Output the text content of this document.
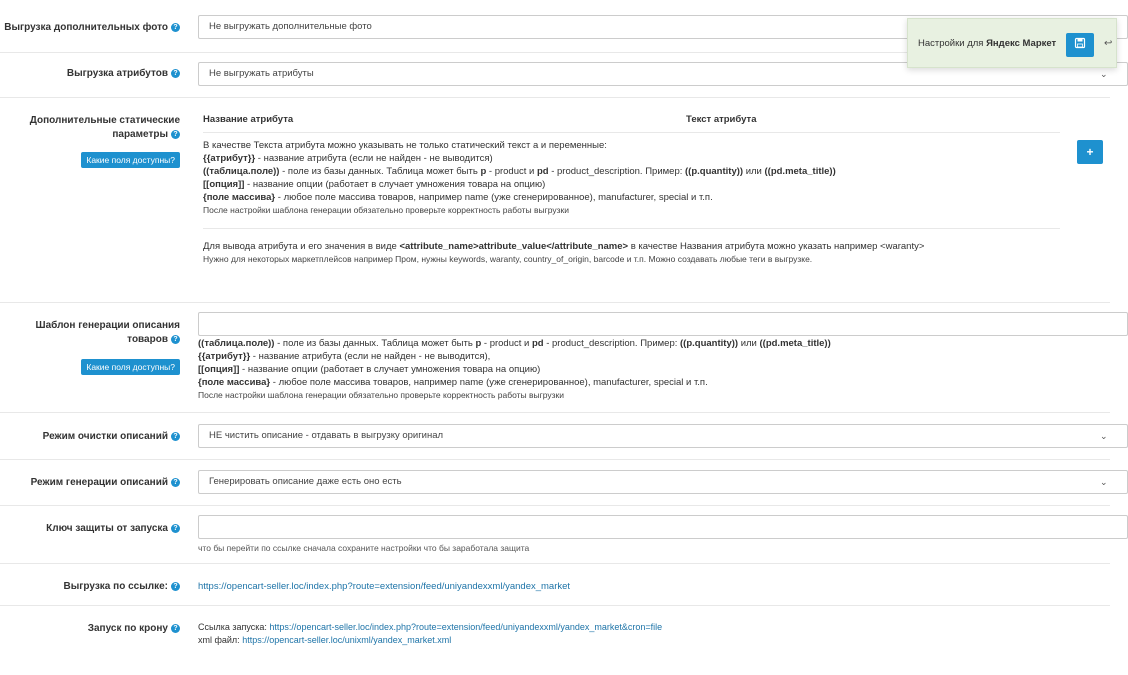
Выгрузка дополнительных фото ?	Не выгружать дополнительные фото
Выгрузка атрибутов ?	Не выгружать атрибуты	⌄
Дополнительные статические
параметры ?
Какие поля доступны?
Название атрибута	Текст атрибута
В качестве Текста атрибута можно указывать не только статический текст а и переменные:
{{атрибут}} - название атрибута (если не найден - не выводится)
((таблица.поле)) - поле из базы данных. Таблица может быть p - product и pd - product_description. Пример: ((p.quantity)) или ((pd.meta_title))
[[опция]] - название опции (работает в случает умножения товара на опцию)
{поле массива} - любое поле массива товаров, например name (уже сгенерированное), manufacturer, special и т.п.
После настройки шаблона генерации обязательно проверьте корректность работы выгрузки
Для вывода атрибута и его значения в виде <attribute_name>attribute_value</attribute_name> в качестве Названия атрибута можно указать например <waranty>
Нужно для некоторых маркетплейсов например Пром, нужны keywords, waranty, country_of_origin, barcode и т.п. Можно создавать любые теги в выгрузке.
+
Шаблон генерации описания
товаров ?
Какие поля доступны?
((таблица.поле)) - поле из базы данных. Таблица может быть p - product и pd - product_description. Пример: ((p.quantity)) или ((pd.meta_title))
{{атрибут}} - название атрибута (если не найден - не выводится),
[[опция]] - название опции (работает в случает умножения товара на опцию)
{поле массива} - любое поле массива товаров, например name (уже сгенерированное), manufacturer, special и т.п.
После настройки шаблона генерации обязательно проверьте корректность работы выгрузки
Режим очистки описаний ?	НЕ чистить описание - отдавать в выгрузку оригинал	⌄
Режим генерации описаний ?	Генерировать описание даже есть оно есть	⌄
Ключ защиты от запуска ?
что бы перейти по ссылке сначала сохраните настройки что бы заработала защита
Выгрузка по ссылке: ? https://opencart-seller.loc/index.php?route=extension/feed/uniyandexxml/yandex_market
Запуск по крону ? Ссылка запуска: https://opencart-seller.loc/index.php?route=extension/feed/uniyandexxml/yandex_market&cron=file
xml файл: https://opencart-seller.loc/unixml/yandex_market.xml
Настройки для Яндекс Маркет	↩
